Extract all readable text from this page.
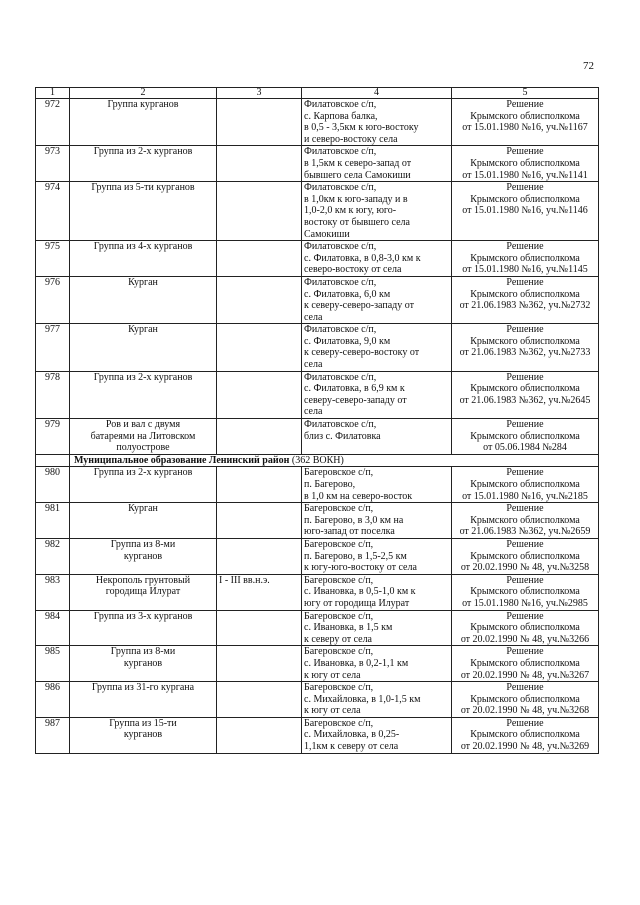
72
1	2	3	4	5
972	Группа курганов		Филатовское с/п,
с. Карпова балка,
в 0,5 - 3,5км к юго-востоку
и северо-востоку села	Решение
Крымского облисполкома
от 15.01.1980 №16, уч.№1167
973	Группа из 2-х курганов		Филатовское с/п,
в 1,5км к северо-запад от
бывшего села Самокиши	Решение
Крымского облисполкома
от 15.01.1980 №16, уч.№1141
974	Группа из 5-ти курганов		Филатовское с/п,
в 1,0км к юго-западу и в
1,0-2,0 км к югу, юго-
востоку от бывшего села
Самокиши	Решение
Крымского облисполкома
от 15.01.1980 №16, уч.№1146
975	Группа из 4-х курганов		Филатовское с/п,
с. Филатовка, в 0,8-3,0 км к
северо-востоку от села	Решение
Крымского облисполкома
от 15.01.1980 №16, уч.№1145
976	Курган		Филатовское с/п,
с. Филатовка, 6,0 км
к северу-северо-западу от
села	Решение
Крымского облисполкома
от 21.06.1983 №362, уч.№2732
977	Курган		Филатовское с/п,
с. Филатовка, 9,0 км
к северу-северо-востоку от
села	Решение
Крымского облисполкома
от 21.06.1983 №362, уч.№2733
978	Группа из 2-х курганов		Филатовское с/п,
с. Филатовка, в 6,9 км к
северу-северо-западу от
села	Решение
Крымского облисполкома
от 21.06.1983 №362, уч.№2645
979	Ров и вал с двумя
батареями на Литовском
полуострове		Филатовское с/п,
близ с. Филатовка	Решение
Крымского облисполкома
от 05.06.1984 №284
	Муниципальное образование Ленинский район (362 ВОКН)			
980	Группа из 2-х курганов		Багеровское с/п,
п. Багерово,
в 1,0 км на северо-восток	Решение
Крымского облисполкома
от 15.01.1980 №16, уч.№2185
981	Курган		Багеровское с/п,
п. Багерово, в 3,0 км на
юго-запад от поселка	Решение
Крымского облисполкома
от 21.06.1983 №362, уч.№2659
982	Группа из 8-ми
курганов		Багеровское с/п,
п. Багерово, в 1,5-2,5 км
к югу-юго-востоку от села	Решение
Крымского облисполкома
от 20.02.1990 № 48, уч.№3258
983	Некрополь грунтовый
городища Илурат	I - III вв.н.э.	Багеровское с/п,
с. Ивановка, в 0,5-1,0 км к
югу от городища Илурат	Решение
Крымского облисполкома
от 15.01.1980 №16, уч.№2985
984	Группа из 3-х курганов		Багеровское с/п,
с. Ивановка, в 1,5 км
к северу от села	Решение
Крымского облисполкома
от 20.02.1990 № 48, уч.№3266
985	Группа из 8-ми
курганов		Багеровское с/п,
с. Ивановка, в 0,2-1,1 км
к югу от села	Решение
Крымского облисполкома
от 20.02.1990 № 48, уч.№3267
986	Группа из 31-го кургана		Багеровское с/п,
с. Михайловка, в 1,0-1,5 км
к югу от села	Решение
Крымского облисполкома
от 20.02.1990 № 48, уч.№3268
987	Группа из 15-ти
курганов		Багеровское с/п,
с. Михайловка, в 0,25-
1,1км к северу от села	Решение
Крымского облисполкома
от 20.02.1990 № 48, уч.№3269
